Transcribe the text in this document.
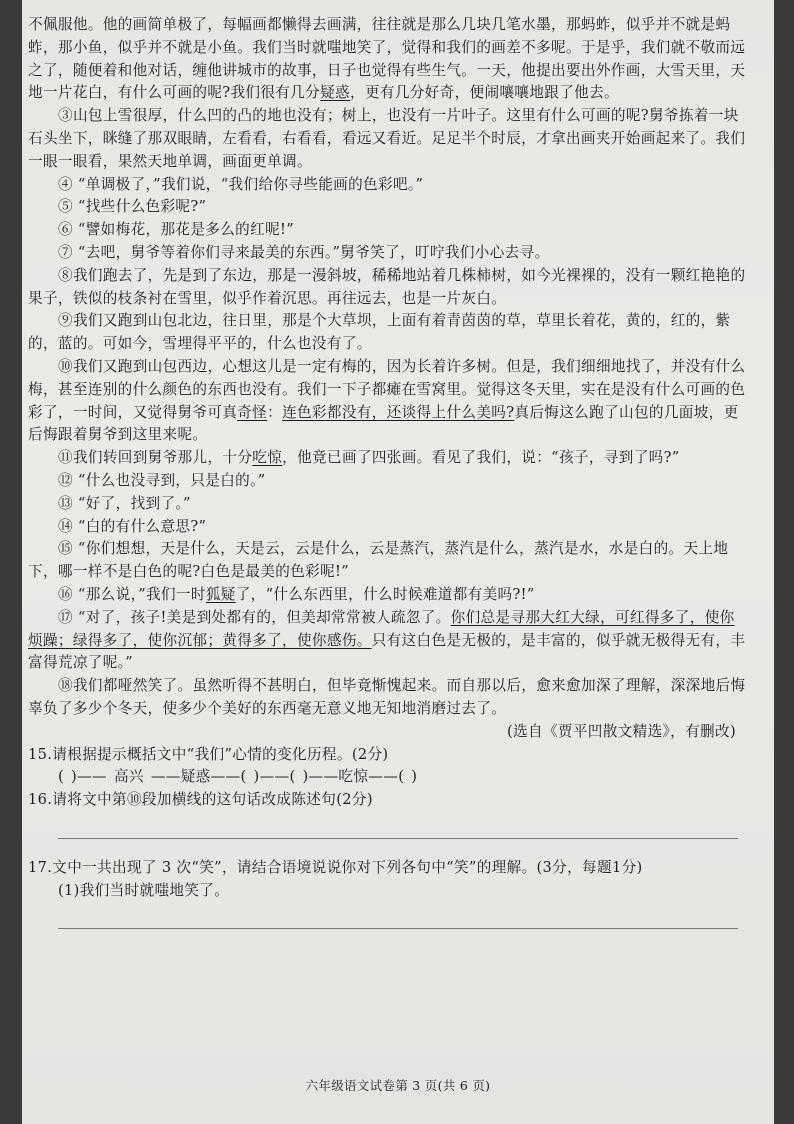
不佩服他。他的画简单极了，每幅画都懒得去画满，往往就是那么几块几笔水墨，那蚂蚱，似乎并不就是蚂蚱，那小鱼，似乎并不就是小鱼。我们当时就嗤地笑了，觉得和我们的画差不多呢。于是乎，我们就不敬而远之了，随便着和他对话，缠他讲城市的故事，日子也觉得有些生气。一天，他提出要出外作画，大雪天里，天地一片花白，有什么可画的呢?我们很有几分疑惑，更有几分好奇，便闹嚷嚷地跟了他去。

③山包上雪很厚，什么凹的凸的地也没有；树上，也没有一片叶子。这里有什么可画的呢?舅爷拣着一块石头坐下，眯缝了那双眼睛，左看看，右看看，看远又看近。足足半个时辰，才拿出画夹开始画起来了。我们一眼一眼看，果然天地单调，画面更单调。

④ “单调极了，”我们说，“我们给你寻些能画的色彩吧。”

⑤ “找些什么色彩呢?”

⑥ “譬如梅花，那花是多么的红呢!”

⑦ “去吧，舅爷等着你们寻来最美的东西。”舅爷笑了，叮咛我们小心去寻。

⑧我们跑去了，先是到了东边，那是一漫斜坡，稀稀地站着几株柿树，如今光裸裸的，没有一颗红艳艳的果子，铁似的枝条衬在雪里，似乎作着沉思。再往远去，也是一片灰白。

⑨我们又跑到山包北边，往日里，那是个大草坝，上面有着青茵茵的草，草里长着花，黄的，红的，紫的，蓝的。可如今，雪埋得平平的，什么也没有了。

⑩我们又跑到山包西边，心想这儿是一定有梅的，因为长着许多树。但是，我们细细地找了，并没有什么梅，甚至连别的什么颜色的东西也没有。我们一下子都瘫在雪窝里。觉得这冬天里，实在是没有什么可画的色彩了，一时间，又觉得舅爷可真奇怪：连色彩都没有，还谈得上什么美吗?真后悔这么跑了山包的几面坡，更后悔跟着舅爷到这里来呢。

⑪我们转回到舅爷那儿，十分吃惊，他竟已画了四张画。看见了我们，说：“孩子，寻到了吗?”

⑫ “什么也没寻到，只是白的。”

⑬ “好了，找到了。”

⑭ “白的有什么意思?”

⑮ “你们想想，天是什么，天是云，云是什么，云是蒸汽，蒸汽是什么，蒸汽是水，水是白的。天上地下，哪一样不是白色的呢?白色是最美的色彩呢!”

⑯ “那么说，”我们一时狐疑了，“什么东西里，什么时候难道都有美吗?!”

⑰ “对了，孩子!美是到处都有的，但美却常常被人疏忽了。你们总是寻那大红大绿，可红得多了，使你烦躁；绿得多了，使你沉郁；黄得多了，使你感伤。只有这白色是无极的，是丰富的，似乎就无极得无有，丰富得荒凉了呢。”

⑱我们都哑然笑了。虽然听得不甚明白，但毕竟惭愧起来。而自那以后，愈来愈加深了理解，深深地后悔辜负了多少个冬天，使多少个美好的东西毫无意义地无知地消磨过去了。

(选自《贾平凹散文精选》，有删改)

15.请根据提示概括文中“我们”心情的变化历程。(2分)

( )—— 高兴 ——疑惑——( )——( )——吃惊——( )

16.请将文中第⑩段加横线的这句话改成陈述句(2分)

17.文中一共出现了 3 次“笑”，请结合语境说说你对下列各句中“笑”的理解。(3分，每题1分)

(1)我们当时就嗤地笑了。

六年级语文试卷第 3 页(共 6 页)
